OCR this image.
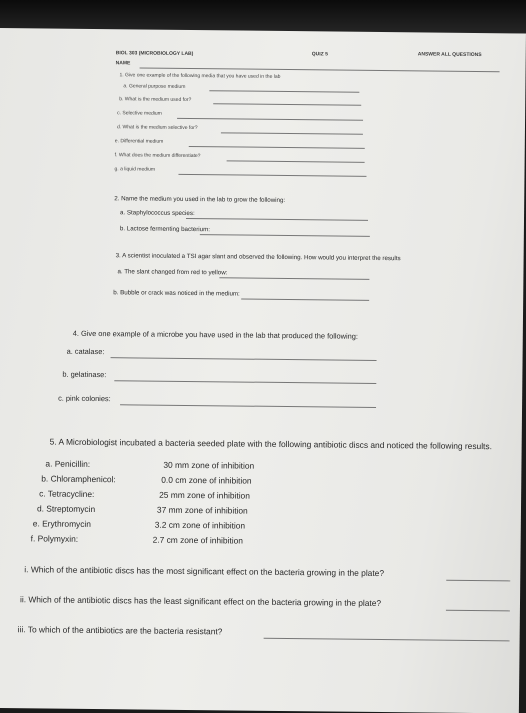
BIOL 303 (MICROBIOLOGY LAB)	QUIZ 5	ANSWER ALL QUESTIONS
NAME
1. Give one example of the following media that you have used in the lab
a. General purpose medium
b. What is the medium used for?
c. Selective medium
d. What is the medium selective for?
e. Differential medium
f. What does the medium differentiate?
g. a liquid medium
2. Name the medium you used in the lab to grow the following:
a. Staphylococcus species:
b. Lactose fermenting bacterium:
3. A scientist inoculated a TSI agar slant and observed the following. How would you interpret the results
a. The slant changed from red to yellow:
b. Bubble or crack was noticed in the medium:
4. Give one example of a microbe you have used in the lab that produced the following:
a. catalase:
b. gelatinase:
c. pink colonies:
5. A Microbiologist incubated a bacteria seeded plate with the following antibiotic discs and noticed the following results.
a. Penicillin:	30 mm zone of inhibition
b. Chloramphenicol:	0.0 cm zone of inhibition
c. Tetracycline:	25 mm zone of inhibition
d. Streptomycin	37 mm zone of inhibition
e. Erythromycin	3.2 cm zone of inhibition
f. Polymyxin:	2.7 cm zone of inhibition
i. Which of the antibiotic discs has the most significant effect on the bacteria growing in the plate?
ii. Which of the antibiotic discs has the least significant effect on the bacteria growing in the plate?
iii. To which of the antibiotics are the bacteria resistant?
